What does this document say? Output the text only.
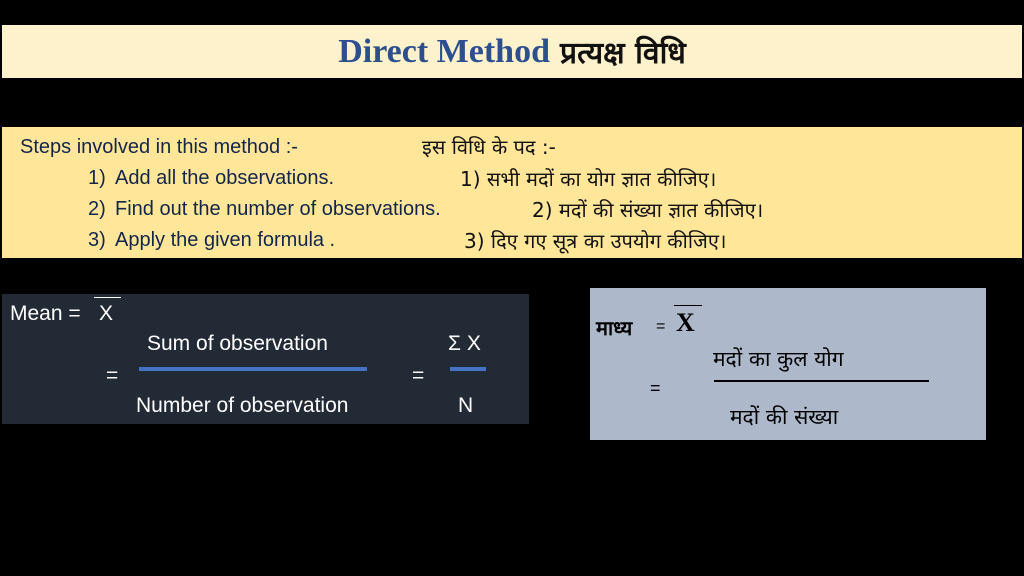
Direct Method प्रत्यक्ष विधि
Steps involved in this method :-	इस विधि के पद :-
1) Add all the observations.
2) Find out the number of observations.
3) Apply the given formula .
1) सभी मदों का योग ज्ञात कीजिए।
2) मदों की संख्या ज्ञात कीजिए।
3) दिए गए सूत्र का उपयोग कीजिए।
Mean = X
Sum of observation
=
Number of observation
Σ X
=
N
माध्य = X
मदों का कुल योग
=
मदों की संख्या
